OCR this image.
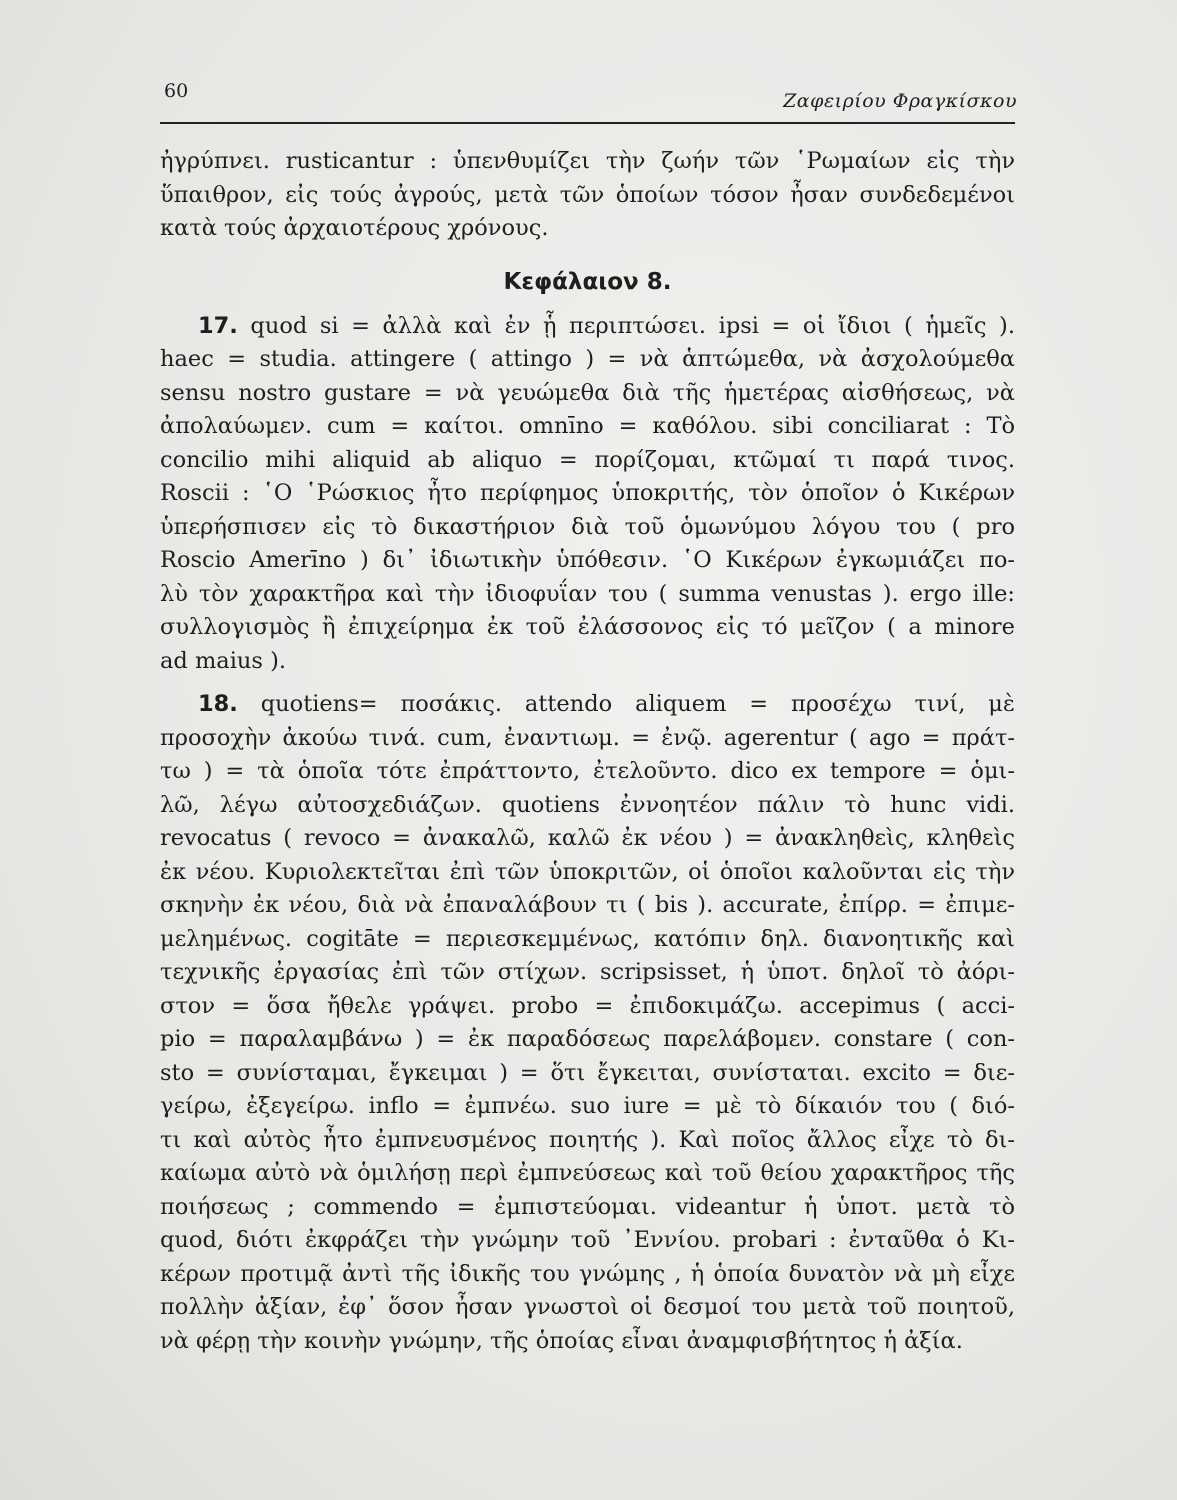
60	Ζαφειρίου Φραγκίσκου
ἠγρύπνει. rusticantur : ὑπενθυμίζει τὴν ζωήν τῶν ῾Ρωμαίων εἰς τὴν
ὕπαιθρον, εἰς τούς ἀγρούς, μετὰ τῶν ὁποίων τόσον ἦσαν συνδεδεμένοι
κατὰ τούς ἀρχαιοτέρους χρόνους.
Κεφάλαιον 8.
17. quod si = ἀλλὰ καὶ ἐν ᾗ περιπτώσει. ipsi = οἱ ἴδιοι ( ἡμεῖς ).
haec = studia. attingere ( attingo ) = νὰ ἁπτώμεθα, νὰ ἀσχολούμεθα
sensu nostro gustare = νὰ γευώμεθα διὰ τῆς ἡμετέρας αἰσθήσεως, νὰ
ἀπολαύωμεν. cum = καίτοι. omnīno = καθόλου. sibi conciliarat : Τὸ
concilio mihi aliquid ab aliquo = πορίζομαι, κτῶμαί τι παρά τινος.
Roscii : ῾Ο ῾Ρώσκιος ἦτο περίφημος ὑποκριτής, τὸν ὁποῖον ὁ Κικέρων
ὑπερήσπισεν εἰς τὸ δικαστήριον διὰ τοῦ ὁμωνύμου λόγου του ( pro
Roscio Amerīno ) δι᾿ ἰδιωτικὴν ὑπόθεσιν. ῾Ο Κικέρων ἐγκωμιάζει πο-
λὺ τὸν χαρακτῆρα καὶ τὴν ἰδιοφυΐαν του ( summa venustas ). ergo ille:
συλλογισμὸς ἢ ἐπιχείρημα ἐκ τοῦ ἐλάσσονος εἰς τό μεῖζον ( a minore
ad maius ).
18. quotiens= ποσάκις. attendo aliquem = προσέχω τινί, μὲ
προσοχὴν ἀκούω τινά. cum, ἐναντιωμ. = ἐνῷ. agerentur ( ago = πράτ-
τω ) = τὰ ὁποῖα τότε ἐπράττοντο, ἐτελοῦντο. dico ex tempore = ὁμι-
λῶ, λέγω αὐτοσχεδιάζων. quotiens ἐννοητέον πάλιν τὸ hunc vidi.
revocatus ( revoco = ἀνακαλῶ, καλῶ ἐκ νέου ) = ἀνακληθεὶς, κληθεὶς
ἐκ νέου. Κυριολεκτεῖται ἐπὶ τῶν ὑποκριτῶν, οἱ ὁποῖοι καλοῦνται εἰς τὴν
σκηνὴν ἐκ νέου, διὰ νὰ ἐπαναλάβουν τι ( bis ). accurate, ἐπίρρ. = ἐπιμε-
μελημένως. cogitāte = περιεσκεμμένως, κατόπιν δηλ. διανοητικῆς καὶ
τεχνικῆς ἐργασίας ἐπὶ τῶν στίχων. scripsisset, ἡ ὑποτ. δηλοῖ τὸ ἀόρι-
στον = ὅσα ἤθελε γράψει. probo = ἐπιδοκιμάζω. accepimus ( acci-
pio = παραλαμβάνω ) = ἐκ παραδόσεως παρελάβομεν. constare ( con-
sto = συνίσταμαι, ἔγκειμαι ) = ὅτι ἔγκειται, συνίσταται. excito = διε-
γείρω, ἐξεγείρω. inflo = ἐμπνέω. suo iure = μὲ τὸ δίκαιόν του ( διό-
τι καὶ αὐτὸς ἦτο ἐμπνευσμένος ποιητής ). Καὶ ποῖος ἄλλος εἶχε τὸ δι-
καίωμα αὐτὸ νὰ ὁμιλήσῃ περὶ ἐμπνεύσεως καὶ τοῦ θείου χαρακτῆρος τῆς
ποιήσεως ; commendo = ἐμπιστεύομαι. videantur ἡ ὑποτ. μετὰ τὸ
quod, διότι ἐκφράζει τὴν γνώμην τοῦ ᾿Εννίου. probari : ἐνταῦθα ὁ Κι-
κέρων προτιμᾷ ἀντὶ τῆς ἰδικῆς του γνώμης , ἡ ὁποία δυνατὸν νὰ μὴ εἶχε
πολλὴν ἀξίαν, ἐφ᾿ ὅσον ἦσαν γνωστοὶ οἱ δεσμοί του μετὰ τοῦ ποιητοῦ,
νὰ φέρῃ τὴν κοινὴν γνώμην, τῆς ὁποίας εἶναι ἀναμφισβήτητος ἡ ἀξία.
